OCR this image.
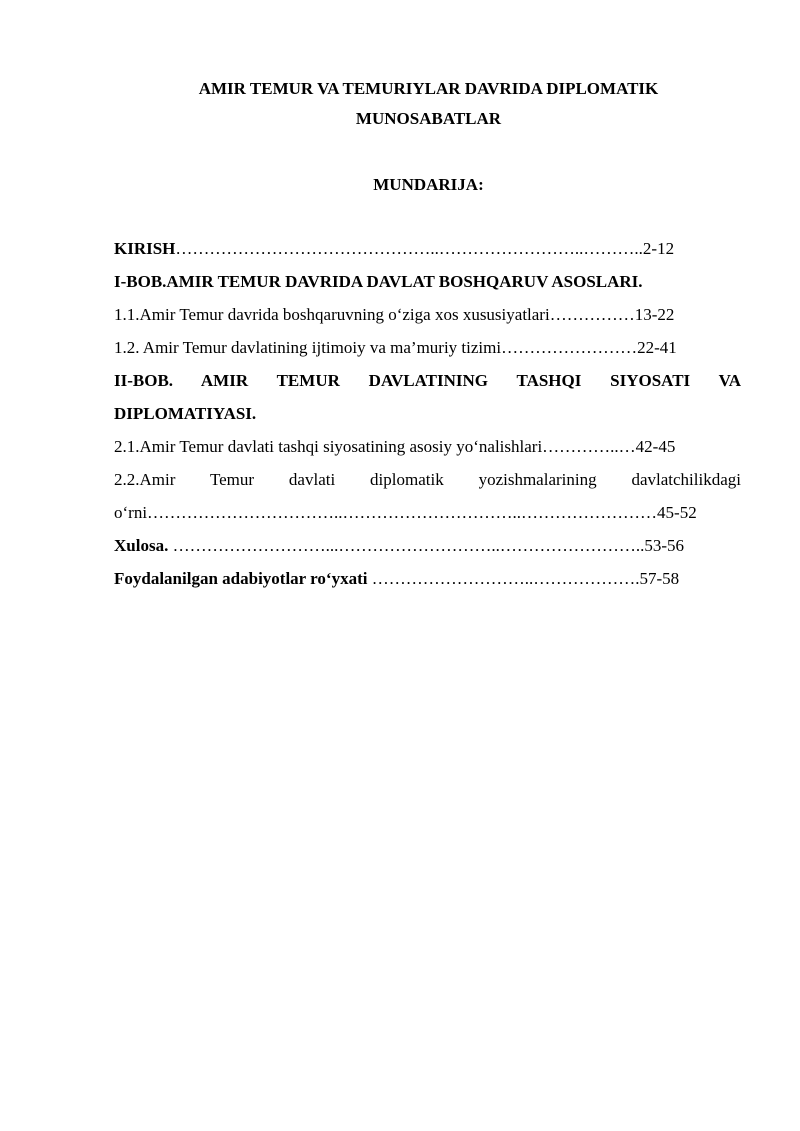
AMIR TEMUR VA TEMURIYLAR DAVRIDA DIPLOMATIK
MUNOSABATLAR
MUNDARIJA:
KIRISH………………………………………..……………………..………..2-12
I-BOB.AMIR TEMUR DAVRIDA DAVLAT BOSHQARUV ASOSLARI.
1.1.Amir Temur davrida boshqaruvning o‘ziga xos xususiyatlari……………13-22
1.2. Amir Temur davlatining ijtimoiy va ma’muriy tizimi……………………22-41
II-BOB. AMIR TEMUR DAVLATINING TASHQI SIYOSATI VA
DIPLOMATIYASI.
2.1.Amir Temur davlati tashqi siyosatining asosiy yo‘nalishlari…………..…42-45
2.2.Amir Temur davlati diplomatik yozishmalarining davlatchilikdagi
o‘rni……………………………..…………………………..……………………45-52
Xulosa. ………………………...………………………..……………………..53-56
Foydalanilgan adabiyotlar ro‘yxati ………………………..……………….57-58
